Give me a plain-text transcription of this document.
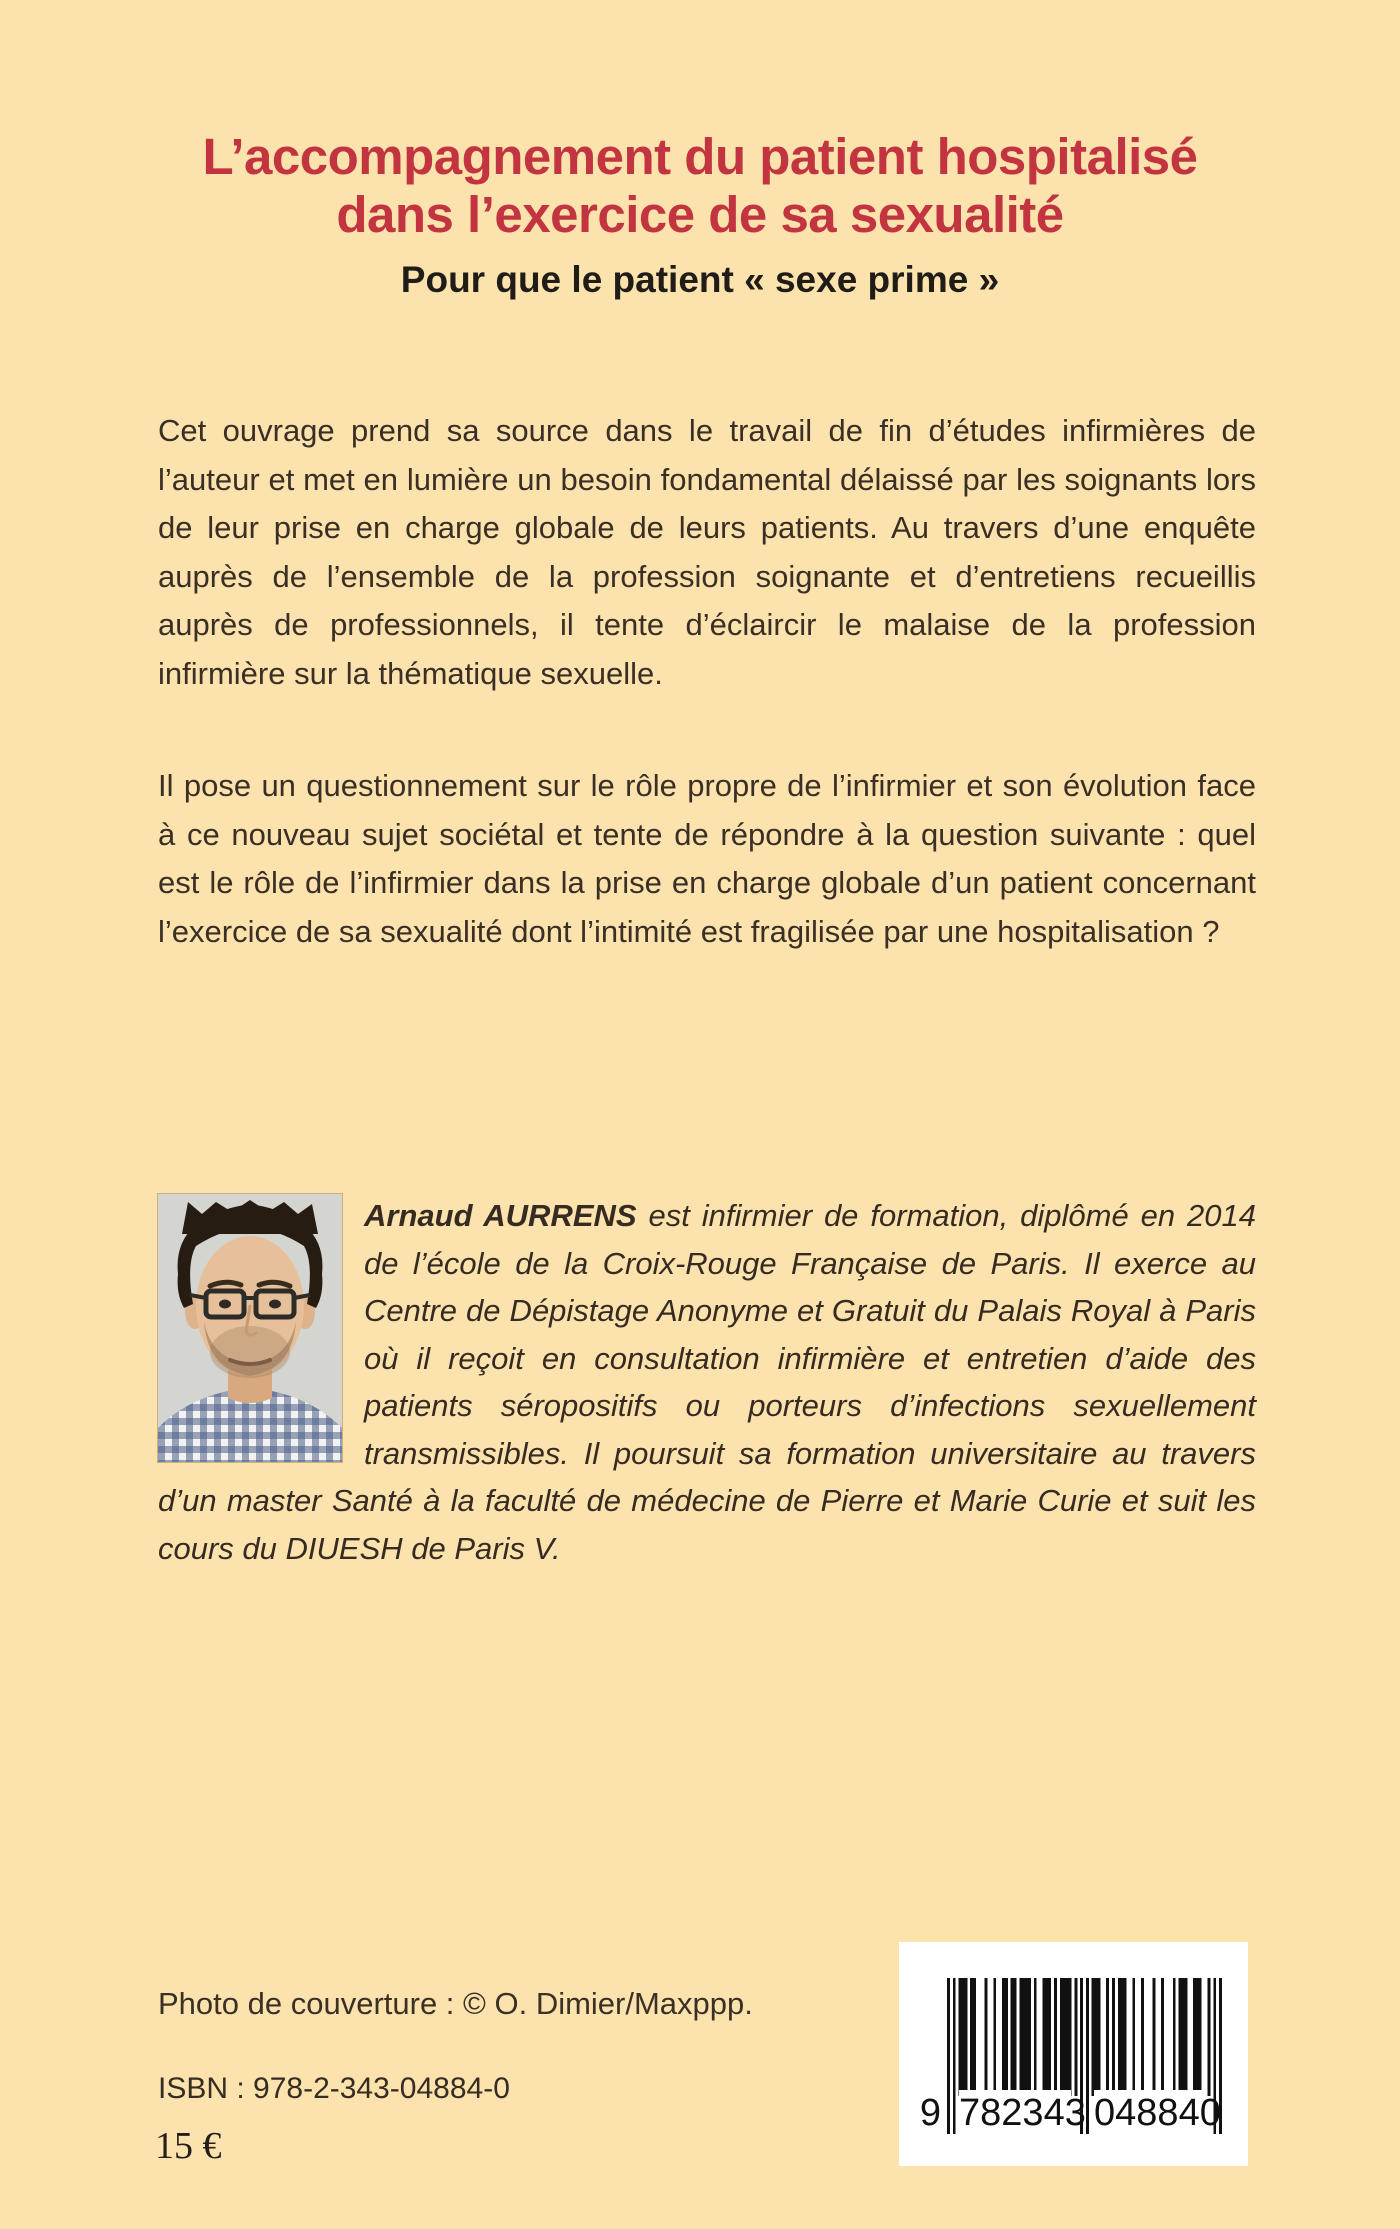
L’accompagnement du patient hospitalisé
dans l’exercice de sa sexualité
Pour que le patient « sexe prime »

Cet ouvrage prend sa source dans le travail de fin d’études infirmières de l’auteur et met en lumière un besoin fondamental délaissé par les soignants lors de leur prise en charge globale de leurs patients. Au travers d’une enquête auprès de l’ensemble de la profession soignante et d’entretiens recueillis auprès de professionnels, il tente d’éclaircir le malaise de la profession infirmière sur la thématique sexuelle.

Il pose un questionnement sur le rôle propre de l’infirmier et son évolution face à ce nouveau sujet sociétal et tente de répondre à la question suivante : quel est le rôle de l’infirmier dans la prise en charge globale d’un patient concernant l’exercice de sa sexualité dont l’intimité est fragilisée par une hospitalisation ?

Arnaud AURRENS est infirmier de formation, diplômé en 2014 de l’école de la Croix-Rouge Française de Paris. Il exerce au Centre de Dépistage Anonyme et Gratuit du Palais Royal à Paris où il reçoit en consultation infirmière et entretien d’aide des patients séropositifs ou porteurs d’infections sexuellement transmissibles. Il poursuit sa formation universitaire au travers d’un master Santé à la faculté de médecine de Pierre et Marie Curie et suit les cours du DIUESH de Paris V.

Photo de couverture : © O. Dimier/Maxppp.
ISBN : 978-2-343-04884-0
15 €
9 7 8 2 3 4 3 0 4 8 8 4 0
